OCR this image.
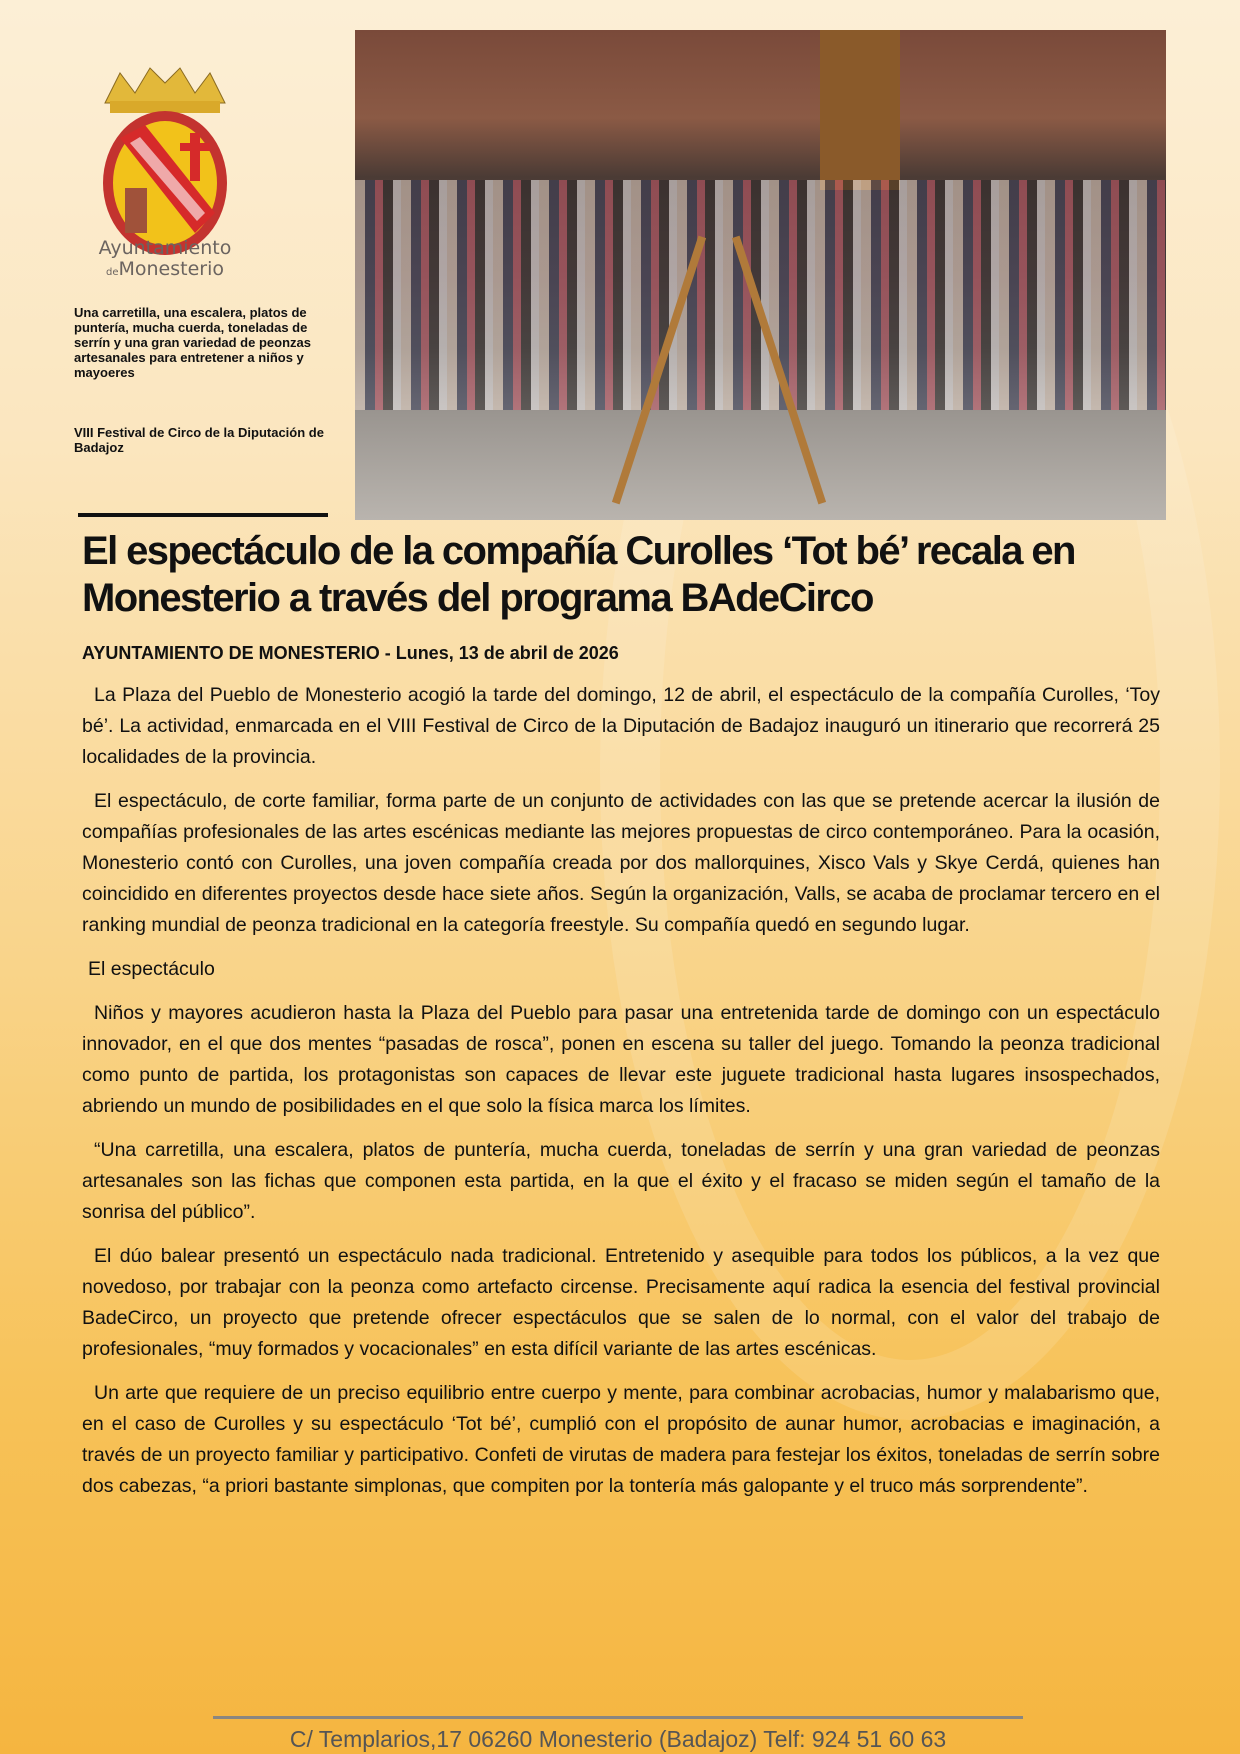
Ayuntamiento
deMonesterio
Una carretilla, una escalera, platos de puntería, mucha cuerda, toneladas de serrín y una gran variedad de peonzas artesanales para entretener a niños y mayoeres
VIII Festival de Circo de la Diputación de Badajoz
El espectáculo de la compañía Curolles ‘Tot bé’ recala en Monesterio a través del programa BAdeCirco
AYUNTAMIENTO DE MONESTERIO - Lunes, 13 de abril de 2026

La Plaza del Pueblo de Monesterio acogió la tarde del domingo, 12 de abril, el espectáculo de la compañía Curolles, ‘Toy bé’. La actividad, enmarcada en el VIII Festival de Circo de la Diputación de Badajoz inauguró un itinerario que recorrerá 25 localidades de la provincia.

El espectáculo, de corte familiar, forma parte de un conjunto de actividades con las que se pretende acercar la ilusión de compañías profesionales de las artes escénicas mediante las mejores propuestas de circo contemporáneo. Para la ocasión, Monesterio contó con Curolles, una joven compañía creada por dos mallorquines, Xisco Vals y Skye Cerdá, quienes han coincidido en diferentes proyectos desde hace siete años. Según la organización, Valls, se acaba de proclamar tercero en el ranking mundial de peonza tradicional en la categoría freestyle. Su compañía quedó en segundo lugar.

El espectáculo

Niños y mayores acudieron hasta la Plaza del Pueblo para pasar una entretenida tarde de domingo con un espectáculo innovador, en el que dos mentes “pasadas de rosca”, ponen en escena su taller del juego. Tomando la peonza tradicional como punto de partida, los protagonistas son capaces de llevar este juguete tradicional hasta lugares insospechados, abriendo un mundo de posibilidades en el que solo la física marca los límites.

“Una carretilla, una escalera, platos de puntería, mucha cuerda, toneladas de serrín y una gran variedad de peonzas artesanales son las fichas que componen esta partida, en la que el éxito y el fracaso se miden según el tamaño de la sonrisa del público”.

El dúo balear presentó un espectáculo nada tradicional. Entretenido y asequible para todos los públicos, a la vez que novedoso, por trabajar con la peonza como artefacto circense. Precisamente aquí radica la esencia del festival provincial BadeCirco, un proyecto que pretende ofrecer espectáculos que se salen de lo normal, con el valor del trabajo de profesionales, “muy formados y vocacionales” en esta difícil variante de las artes escénicas.

Un arte que requiere de un preciso equilibrio entre cuerpo y mente, para combinar acrobacias, humor y malabarismo que, en el caso de Curolles y su espectáculo ‘Tot bé’, cumplió con el propósito de aunar humor, acrobacias e imaginación, a través de un proyecto familiar y participativo. Confeti de virutas de madera para festejar los éxitos, toneladas de serrín sobre dos cabezas, “a priori bastante simplonas, que compiten por la tontería más galopante y el truco más sorprendente”.

C/ Templarios,17 06260 Monesterio (Badajoz) Telf: 924 51 60 63
